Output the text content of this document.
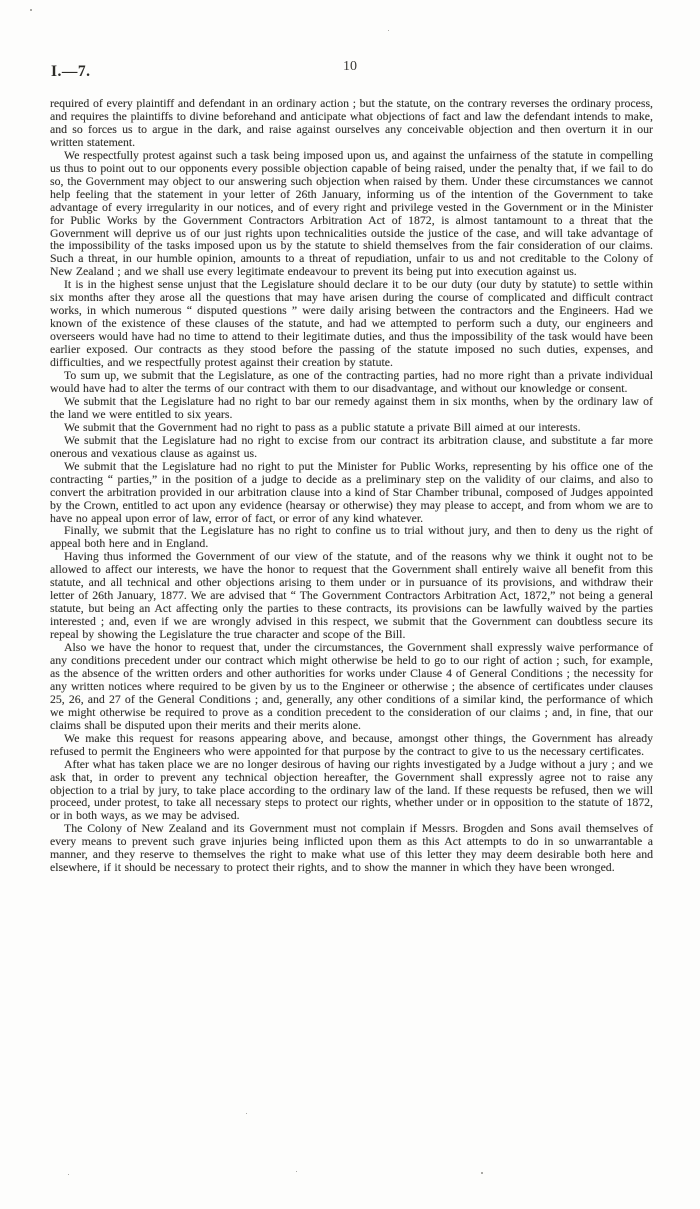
I.—7.	10

required of every plaintiff and defendant in an ordinary action ; but the statute, on the contrary reverses the ordinary process, and requires the plaintiffs to divine beforehand and anticipate what objections of fact and law the defendant intends to make, and so forces us to argue in the dark, and raise against ourselves any conceivable objection and then overturn it in our written statement.

We respectfully protest against such a task being imposed upon us, and against the unfairness of the statute in compelling us thus to point out to our opponents every possible objection capable of being raised, under the penalty that, if we fail to do so, the Government may object to our answering such objection when raised by them. Under these circumstances we cannot help feeling that the statement in your letter of 26th January, informing us of the intention of the Government to take advantage of every irregularity in our notices, and of every right and privilege vested in the Government or in the Minister for Public Works by the Government Contractors Arbitration Act of 1872, is almost tantamount to a threat that the Government will deprive us of our just rights upon technicalities outside the justice of the case, and will take advantage of the impossibility of the tasks imposed upon us by the statute to shield themselves from the fair consideration of our claims. Such a threat, in our humble opinion, amounts to a threat of repudiation, unfair to us and not creditable to the Colony of New Zealand ; and we shall use every legitimate endeavour to prevent its being put into execution against us.

It is in the highest sense unjust that the Legislature should declare it to be our duty (our duty by statute) to settle within six months after they arose all the questions that may have arisen during the course of complicated and difficult contract works, in which numerous “ disputed questions ” were daily arising between the contractors and the Engineers. Had we known of the existence of these clauses of the statute, and had we attempted to perform such a duty, our engineers and overseers would have had no time to attend to their legitimate duties, and thus the impossibility of the task would have been earlier exposed. Our contracts as they stood before the passing of the statute imposed no such duties, expenses, and difficulties, and we respectfully protest against their creation by statute.

To sum up, we submit that the Legislature, as one of the contracting parties, had no more right than a private individual would have had to alter the terms of our contract with them to our disadvantage, and without our knowledge or consent.

We submit that the Legislature had no right to bar our remedy against them in six months, when by the ordinary law of the land we were entitled to six years.

We submit that the Government had no right to pass as a public statute a private Bill aimed at our interests.

We submit that the Legislature had no right to excise from our contract its arbitration clause, and substitute a far more onerous and vexatious clause as against us.

We submit that the Legislature had no right to put the Minister for Public Works, representing by his office one of the contracting “ parties,” in the position of a judge to decide as a preliminary step on the validity of our claims, and also to convert the arbitration provided in our arbitration clause into a kind of Star Chamber tribunal, composed of Judges appointed by the Crown, entitled to act upon any evidence (hearsay or otherwise) they may please to accept, and from whom we are to have no appeal upon error of law, error of fact, or error of any kind whatever.

Finally, we submit that the Legislature has no right to confine us to trial without jury, and then to deny us the right of appeal both here and in England.

Having thus informed the Government of our view of the statute, and of the reasons why we think it ought not to be allowed to affect our interests, we have the honor to request that the Government shall entirely waive all benefit from this statute, and all technical and other objections arising to them under or in pursuance of its provisions, and withdraw their letter of 26th January, 1877. We are advised that “ The Government Contractors Arbitration Act, 1872,” not being a general statute, but being an Act affecting only the parties to these contracts, its provisions can be lawfully waived by the parties interested ; and, even if we are wrongly advised in this respect, we submit that the Government can doubtless secure its repeal by showing the Legislature the true character and scope of the Bill.

Also we have the honor to request that, under the circumstances, the Government shall expressly waive performance of any conditions precedent under our contract which might otherwise be held to go to our right of action ; such, for example, as the absence of the written orders and other authorities for works under Clause 4 of General Conditions ; the necessity for any written notices where required to be given by us to the Engineer or otherwise ; the absence of certificates under clauses 25, 26, and 27 of the General Conditions ; and, generally, any other conditions of a similar kind, the performance of which we might otherwise be required to prove as a condition precedent to the consideration of our claims ; and, in fine, that our claims shall be disputed upon their merits and their merits alone.

We make this request for reasons appearing above, and because, amongst other things, the Government has already refused to permit the Engineers who were appointed for that purpose by the contract to give to us the necessary certificates.

After what has taken place we are no longer desirous of having our rights investigated by a Judge without a jury ; and we ask that, in order to prevent any technical objection hereafter, the Government shall expressly agree not to raise any objection to a trial by jury, to take place according to the ordinary law of the land. If these requests be refused, then we will proceed, under protest, to take all necessary steps to protect our rights, whether under or in opposition to the statute of 1872, or in both ways, as we may be advised.

The Colony of New Zealand and its Government must not complain if Messrs. Brogden and Sons avail themselves of every means to prevent such grave injuries being inflicted upon them as this Act attempts to do in so unwarrantable a manner, and they reserve to themselves the right to make what use of this letter they may deem desirable both here and elsewhere, if it should be necessary to protect their rights, and to show the manner in which they have been wronged.
